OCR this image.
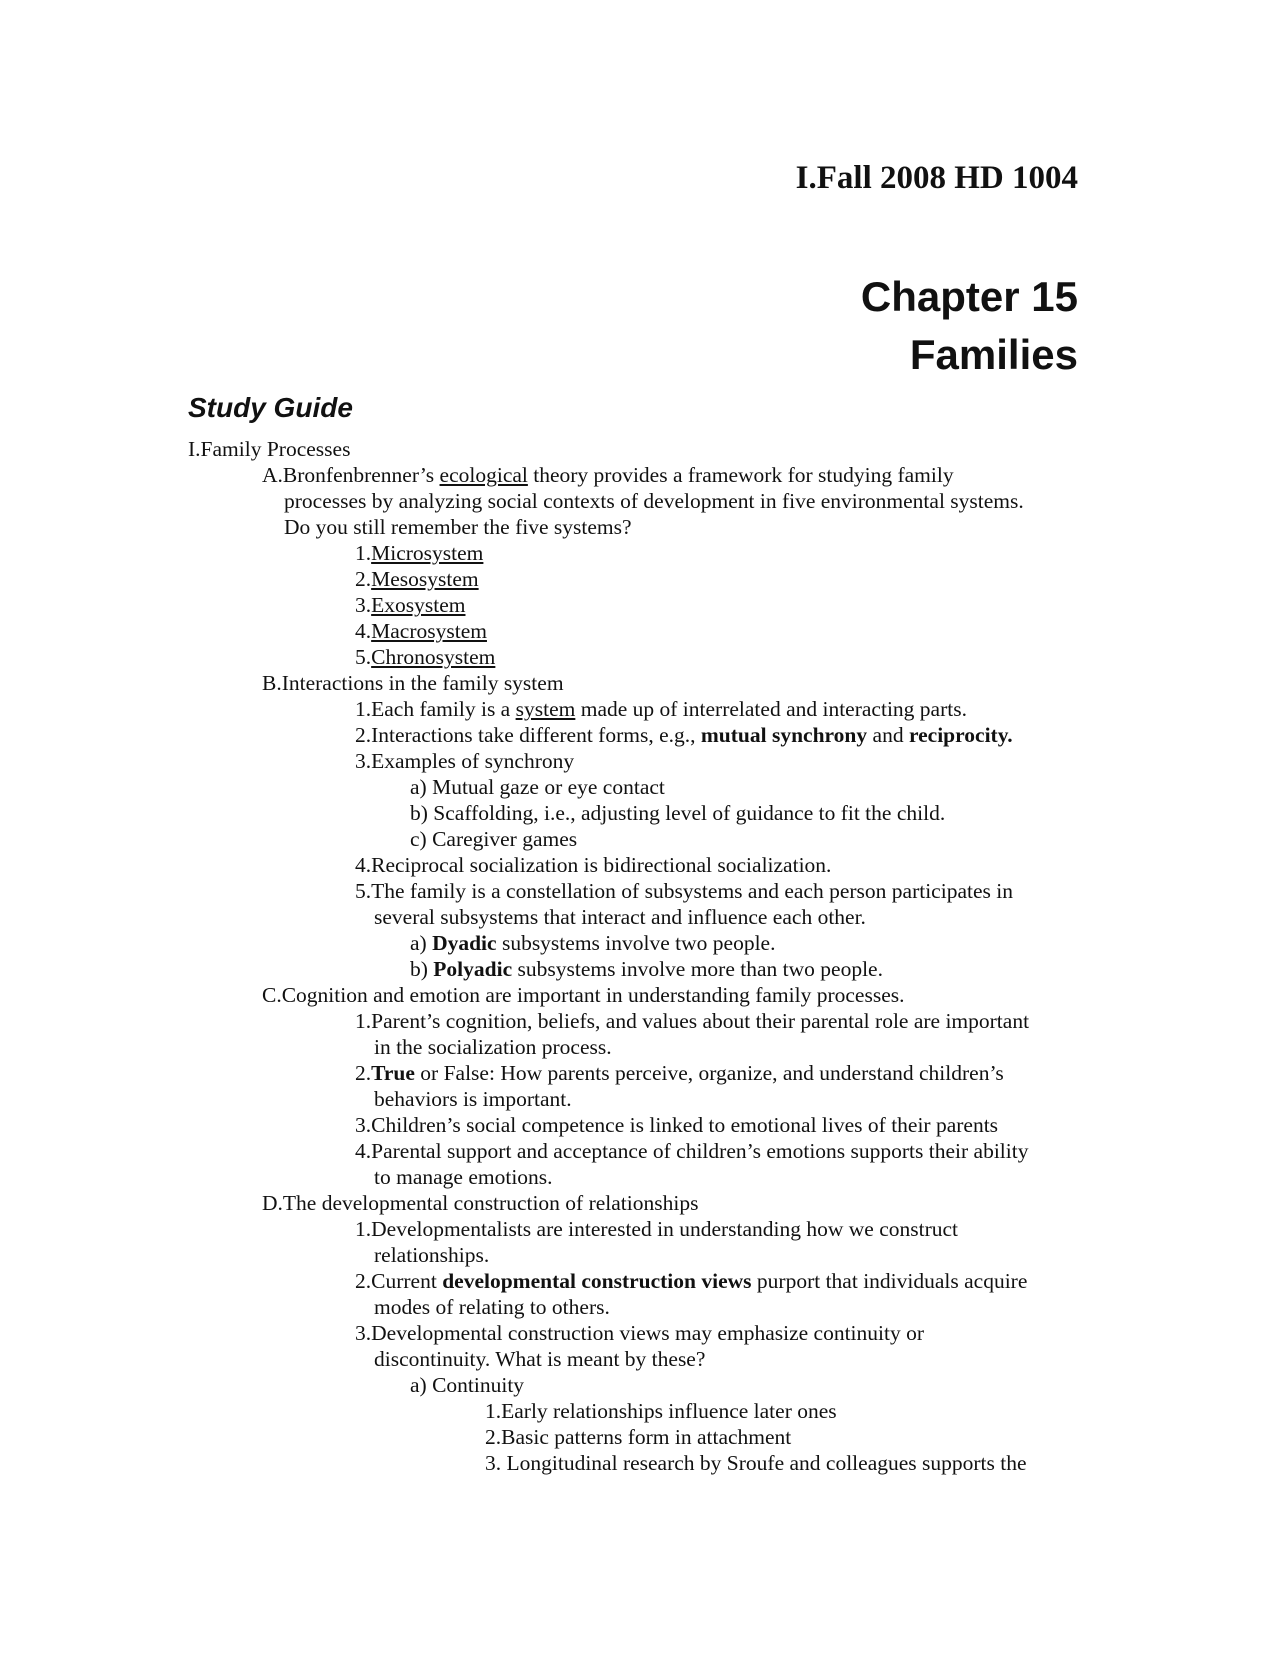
I.Fall 2008 HD 1004
Chapter 15
Families
Study Guide
I.Family Processes
A.Bronfenbrenner’s ecological theory provides a framework for studying family
processes by analyzing social contexts of development in five environmental systems.
Do you still remember the five systems?
1.Microsystem
2.Mesosystem
3.Exosystem
4.Macrosystem
5.Chronosystem
B.Interactions in the family system
1.Each family is a system made up of interrelated and interacting parts.
2.Interactions take different forms, e.g., mutual synchrony and reciprocity.
3.Examples of synchrony
a) Mutual gaze or eye contact
b) Scaffolding, i.e., adjusting level of guidance to fit the child.
c) Caregiver games
4.Reciprocal socialization is bidirectional socialization.
5.The family is a constellation of subsystems and each person participates in
several subsystems that interact and influence each other.
a) Dyadic subsystems involve two people.
b) Polyadic subsystems involve more than two people.
C.Cognition and emotion are important in understanding family processes.
1.Parent’s cognition, beliefs, and values about their parental role are important
in the socialization process.
2.True or False: How parents perceive, organize, and understand children’s
behaviors is important.
3.Children’s social competence is linked to emotional lives of their parents
4.Parental support and acceptance of children’s emotions supports their ability
to manage emotions.
D.The developmental construction of relationships
1.Developmentalists are interested in understanding how we construct
relationships.
2.Current developmental construction views purport that individuals acquire
modes of relating to others.
3.Developmental construction views may emphasize continuity or
discontinuity. What is meant by these?
a) Continuity
1.Early relationships influence later ones
2.Basic patterns form in attachment
3. Longitudinal research by Sroufe and colleagues supports the
